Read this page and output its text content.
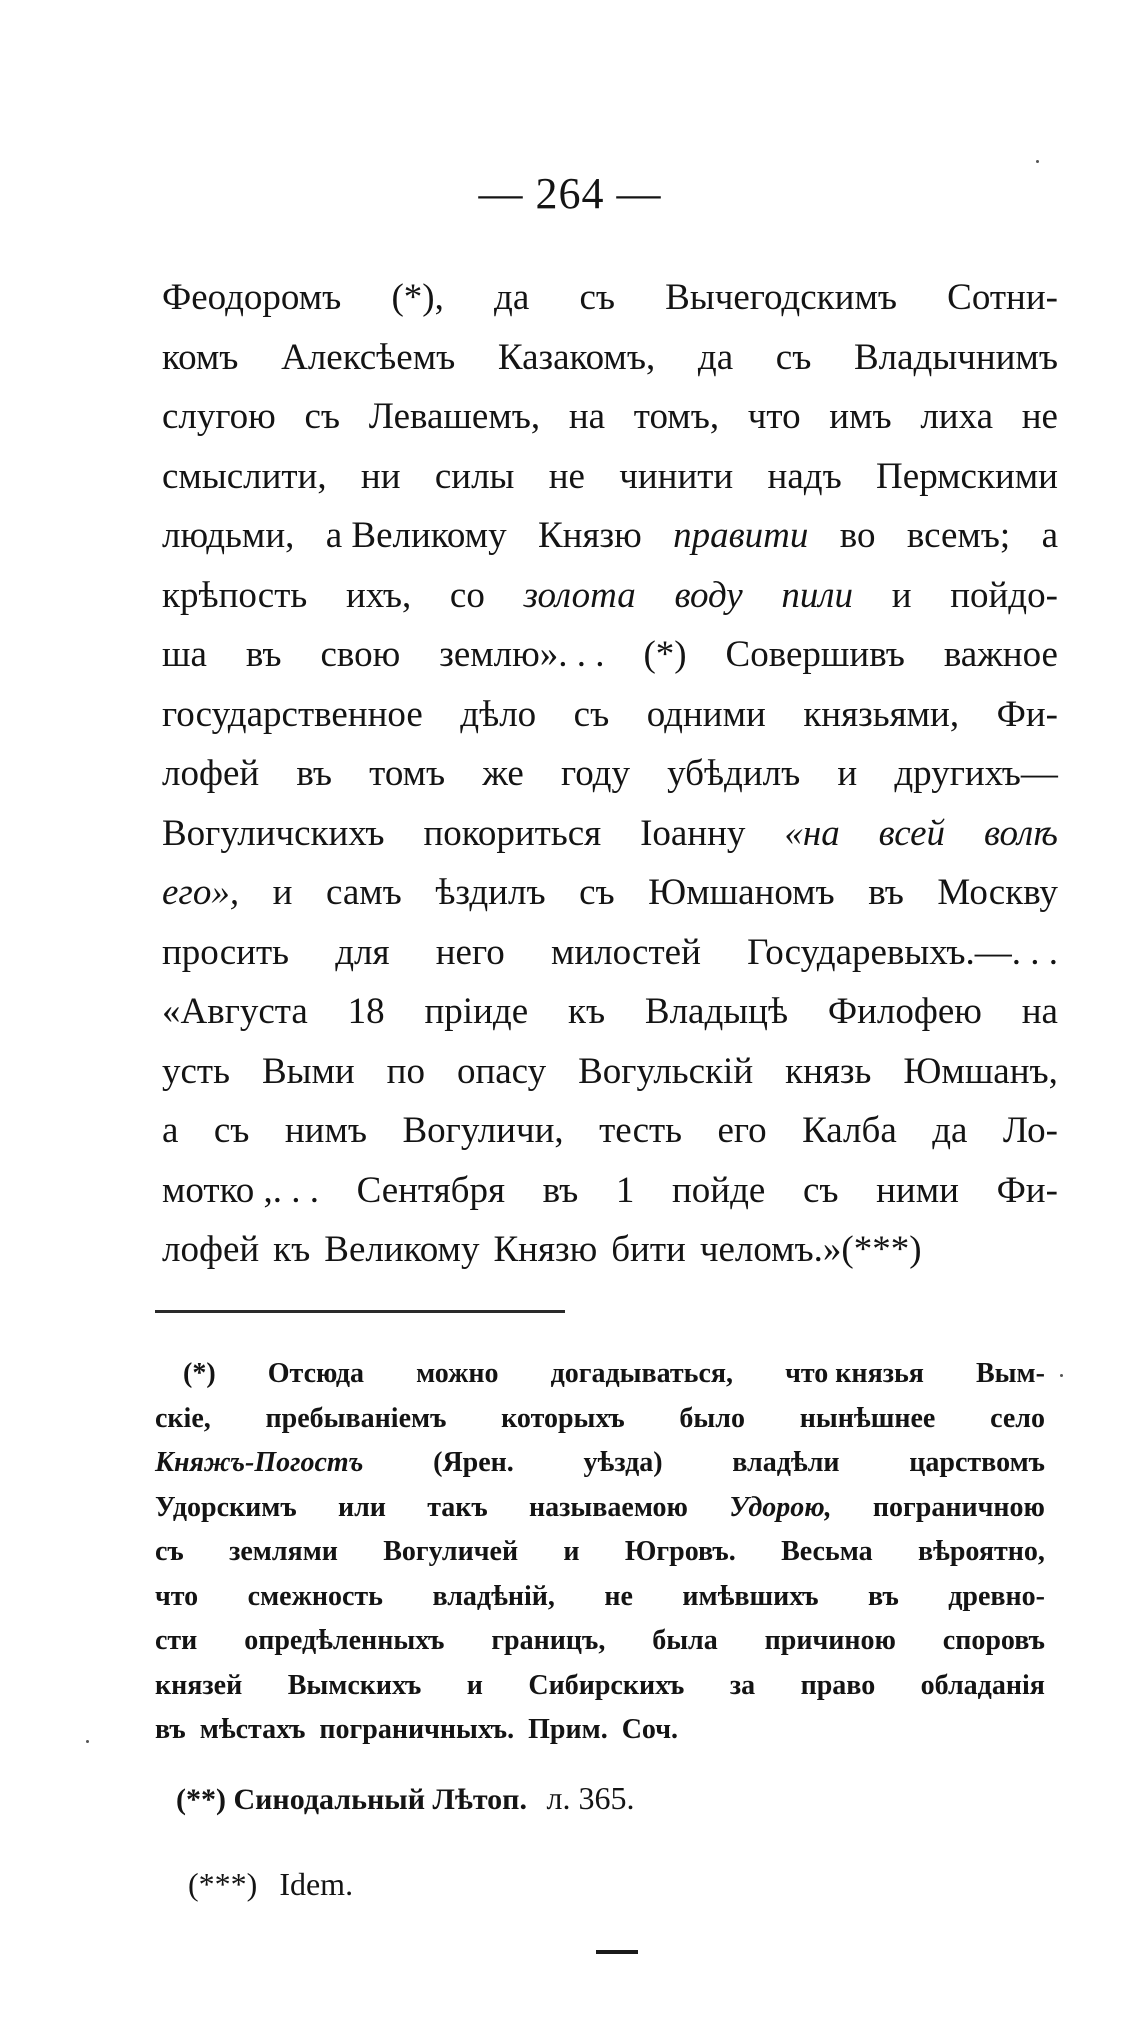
— 264 —
Феодоромъ (*), да съ Вычегодскимъ Сотни-
комъ Алексѣемъ Казакомъ, да съ Владычнимъ
слугою съ Левашемъ, на томъ, что имъ лиха не
смыслити, ни силы не чинити надъ Пермскими
людьми, а Великому Князю правити во всемъ; а
крѣпость ихъ, со золота воду пили и пойдо-
ша въ свою землю». . . (*) Совершивъ важное
государственное дѣло съ одними князьями, Фи-
лофей въ томъ же году убѣдилъ и другихъ—
Вогуличскихъ покориться Іоанну «на всей волѣ
его», и самъ ѣздилъ съ Юмшаномъ въ Москву
просить для него милостей Государевыхъ.—. . .
«Августа 18 пріиде къ Владыцѣ Филофею на
усть Выми по опасу Вогульскій князь Юмшанъ,
а съ нимъ Вогуличи, тесть его Калба да Ло-
мотко ,. . . Сентября въ 1 пойде съ ними Фи-
лофей къ Великому Князю бити челомъ.»(***)
(*) Отсюда можно догадываться, что князья Вым-
скіе, пребываніемъ которыхъ было нынѣшнее село
Княжъ-Погостъ (Ярен. уѣзда) владѣли царствомъ
Удорскимъ или такъ называемою Удорою, пограничною
съ землями Вогуличей и Югровъ. Весьма вѣроятно,
что смежность владѣній, не имѣвшихъ въ древно-
сти опредѣленныхъ границъ, была причиною споровъ
князей Вымскихъ и Сибирскихъ за право обладанія
въ мѣстахъ пограничныхъ. Прим. Соч.
(**) Синодальный Лѣтоп. л. 365.
(***) Idem.
